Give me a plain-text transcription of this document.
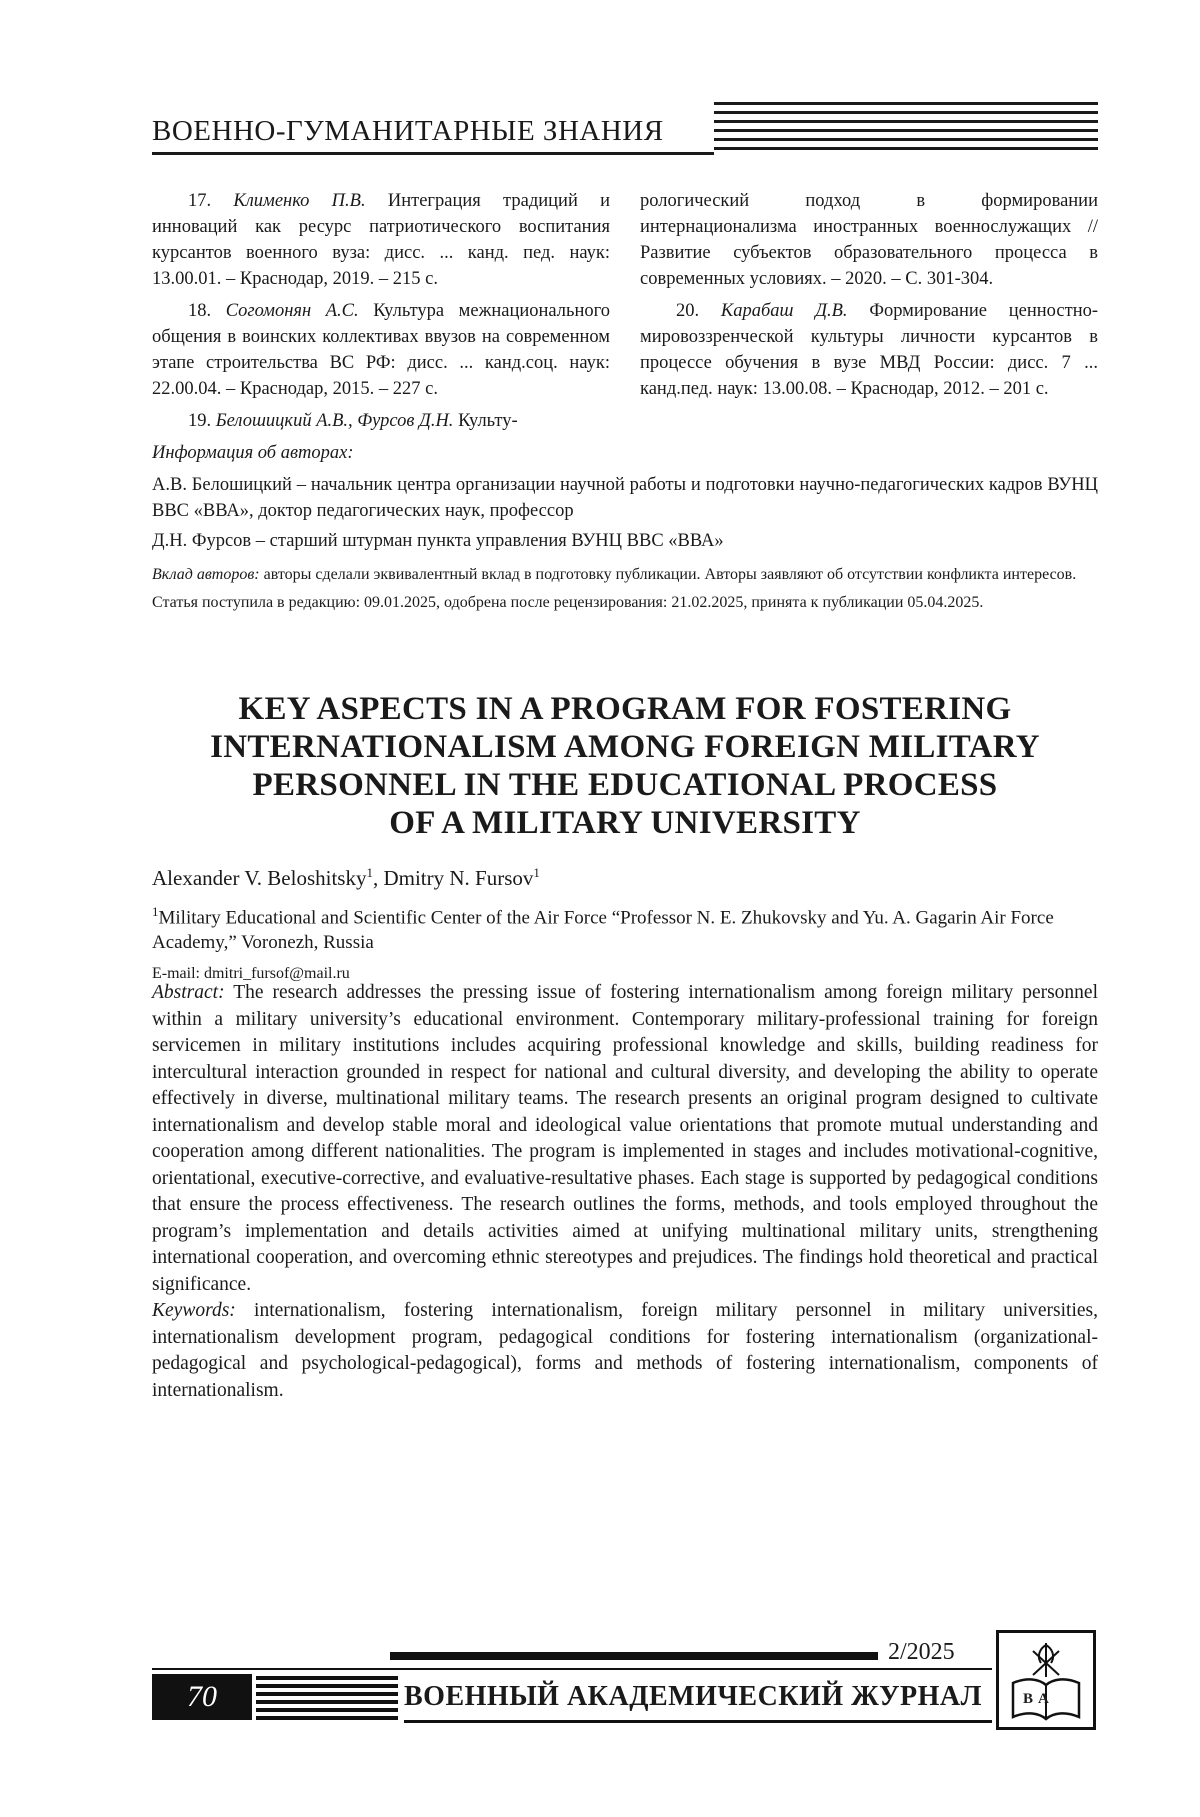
ВОЕННО-ГУМАНИТАРНЫЕ ЗНАНИЯ

17. Клименко П.В. Интеграция традиций и инноваций как ресурс патриотического воспитания курсантов военного вуза: дисс. ... канд. пед. наук: 13.00.01. – Краснодар, 2019. – 215 с.

18. Согомонян А.С. Культура межнационального общения в воинских коллективах ввузов на современном этапе строительства ВС РФ: дисс. ... канд.соц. наук: 22.00.04. – Краснодар, 2015. – 227 с.

19. Белошицкий А.В., Фурсов Д.Н. Культу-

рологический подход в формировании интернационализма иностранных военнослужащих // Развитие субъектов образовательного процесса в современных условиях. – 2020. – С. 301-304.

20. Карабаш Д.В. Формирование ценностно-мировоззренческой культуры личности курсантов в процессе обучения в вузе МВД России: дисс. 7 ... канд.пед. наук: 13.00.08. – Краснодар, 2012. – 201 с.

Информация об авторах:

А.В. Белошицкий – начальник центра организации научной работы и подготовки научно-педагогических кадров ВУНЦ ВВС «ВВА», доктор педагогических наук, профессор

Д.Н. Фурсов – старший штурман пункта управления ВУНЦ ВВС «ВВА»

Вклад авторов: авторы сделали эквивалентный вклад в подготовку публикации. Авторы заявляют об отсутствии конфликта интересов.

Статья поступила в редакцию: 09.01.2025, одобрена после рецензирования: 21.02.2025, принята к публикации 05.04.2025.

KEY ASPECTS IN A PROGRAM FOR FOSTERING
INTERNATIONALISM AMONG FOREIGN MILITARY
PERSONNEL IN THE EDUCATIONAL PROCESS
OF A MILITARY UNIVERSITY
Alexander V. Beloshitsky$^1$, Dmitry N. Fursov$^1$
$^1$Military Educational and Scientific Center of the Air Force “Professor N. E. Zhukovsky and Yu. A. Gagarin Air Force Academy,” Voronezh, Russia
E-mail: dmitri_fursof@mail.ru

Abstract: The research addresses the pressing issue of fostering internationalism among foreign military personnel within a military university’s educational environment. Contemporary military-professional training for foreign servicemen in military institutions includes acquiring professional knowledge and skills, building readiness for intercultural interaction grounded in respect for national and cultural diversity, and developing the ability to operate effectively in diverse, multinational military teams. The research presents an original program designed to cultivate internationalism and develop stable moral and ideological value orientations that promote mutual understanding and cooperation among different nationalities. The program is implemented in stages and includes motivational-cognitive, orientational, executive-corrective, and evaluative-resultative phases. Each stage is supported by pedagogical conditions that ensure the process effectiveness. The research outlines the forms, methods, and tools employed throughout the program’s implementation and details activities aimed at unifying multinational military units, strengthening international cooperation, and overcoming ethnic stereotypes and prejudices. The findings hold theoretical and practical significance.

Keywords: internationalism, fostering internationalism, foreign military personnel in military universities, internationalism development program, pedagogical conditions for fostering internationalism (organizational-pedagogical and psychological-pedagogical), forms and methods of fostering internationalism, components of internationalism.

2/2025
70	ВОЕННЫЙ АКАДЕМИЧЕСКИЙ ЖУРНАЛ	ВА
